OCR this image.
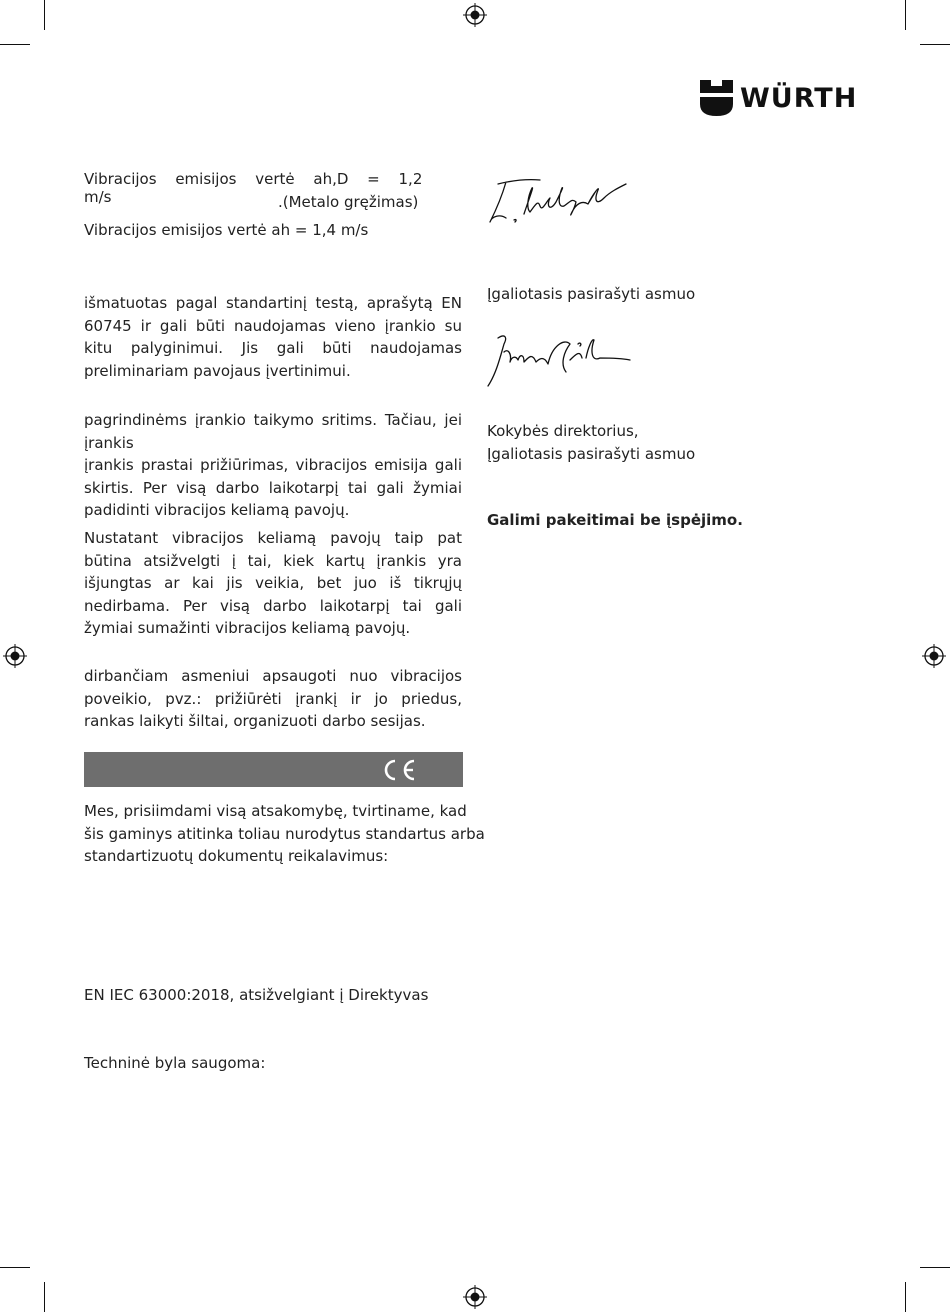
WÜRTH
Vibracijos emisijos vertė ah,D = 1,2 m/s	.(Metalo gręžimas)
Vibracijos emisijos vertė ah = 1,4 m/s
išmatuotas pagal standartinį testą, aprašytą EN 60745 ir gali būti naudojamas vieno įrankio su kitu palyginimui. Jis gali būti naudojamas preliminariam pavojaus įvertinimui.
pagrindinėms įrankio taikymo sritims. Tačiau, jei įrankis
įrankis prastai prižiūrimas, vibracijos emisija gali skirtis. Per visą darbo laikotarpį tai gali žymiai padidinti vibracijos keliamą pavojų.
Nustatant vibracijos keliamą pavojų taip pat būtina atsižvelgti į tai, kiek kartų įrankis yra išjungtas ar kai jis veikia, bet juo iš tikrųjų nedirbama. Per visą darbo laikotarpį tai gali žymiai sumažinti vibracijos keliamą pavojų.
dirbančiam asmeniui apsaugoti nuo vibracijos poveikio, pvz.: prižiūrėti įrankį ir jo priedus, rankas laikyti šiltai, organizuoti darbo sesijas.
CE
Mes, prisiimdami visą atsakomybę, tvirtiname, kad
šis gaminys atitinka toliau nurodytus standartus arba
standartizuotų dokumentų reikalavimus:
EN IEC 63000:2018, atsižvelgiant į Direktyvas
Techninė byla saugoma:
Įgaliotasis pasirašyti asmuo
Kokybės direktorius,
Įgaliotasis pasirašyti asmuo
Galimi pakeitimai be įspėjimo.
